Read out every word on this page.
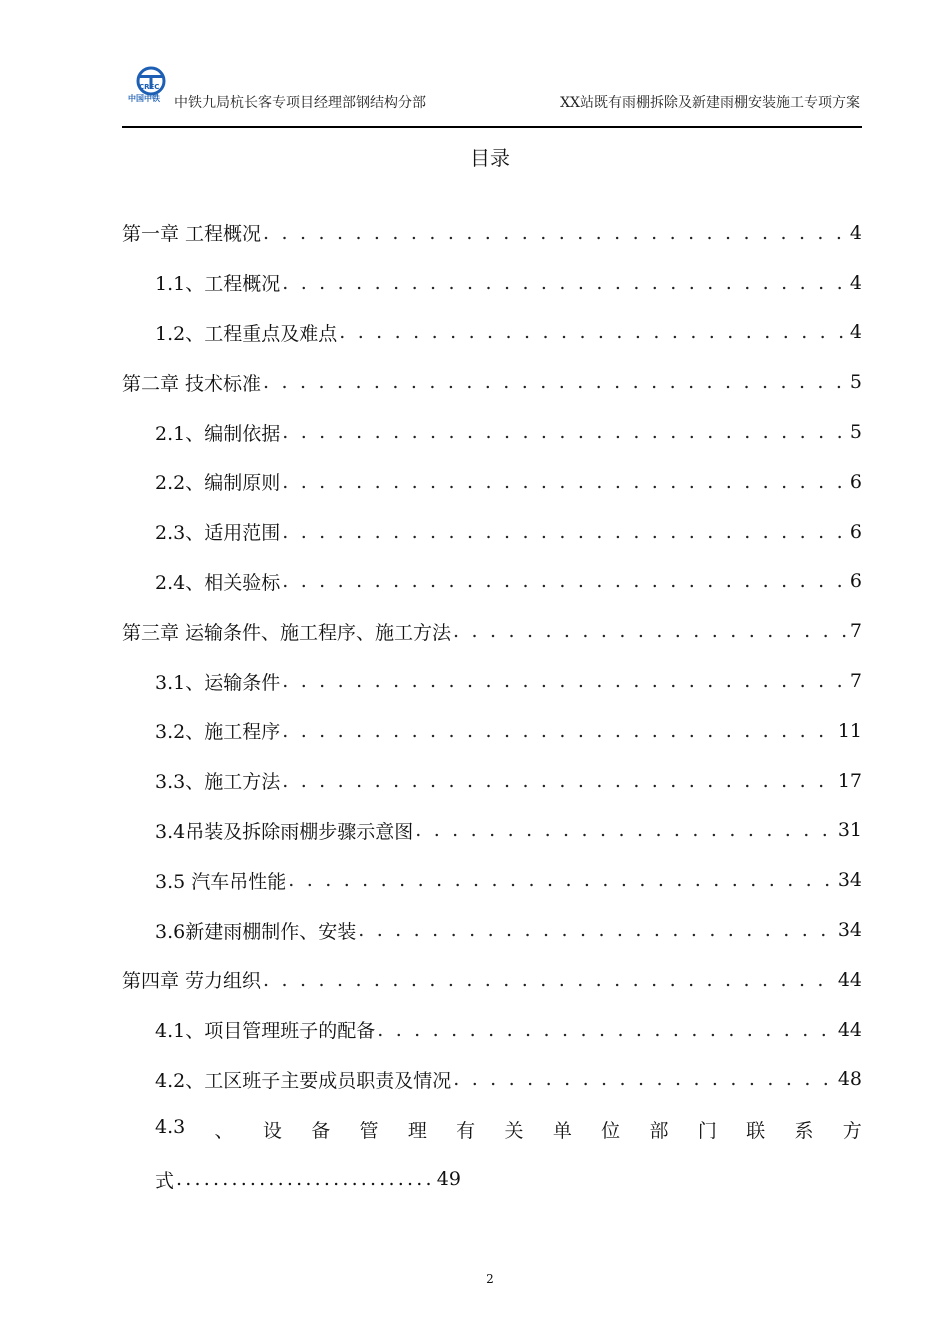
CREC
中国中铁 中铁九局杭长客专项目经理部钢结构分部	XX站既有雨棚拆除及新建雨棚安装施工专项方案
目录
第一章 工程概况 . . .	4
1.1、工程概况 . . .	4
1.2、工程重点及难点 . . .	4
第二章 技术标准 . . .	5
2.1、编制依据 . . .	5
2.2、编制原则 . . .	6
2.3、适用范围 . . .	6
2.4、相关验标 . . .	6
第三章 运输条件、施工程序、施工方法 . . .	7
3.1、运输条件 . . .	7
3.2、施工程序 . . .	11
3.3、施工方法 . . .	17
3.4吊装及拆除雨棚步骤示意图 . . .	31
3.5 汽车吊性能 . . .	34
3.6新建雨棚制作、安装 . . .	34
第四章 劳力组织 . . .	44
4.1、项目管理班子的配备 . . .	44
4.2、工区班子主要成员职责及情况 . . .	48
4.3 、 设 备 管 理 有 关 单 位 部 门 联 系 方
式 ............................ 49
2
